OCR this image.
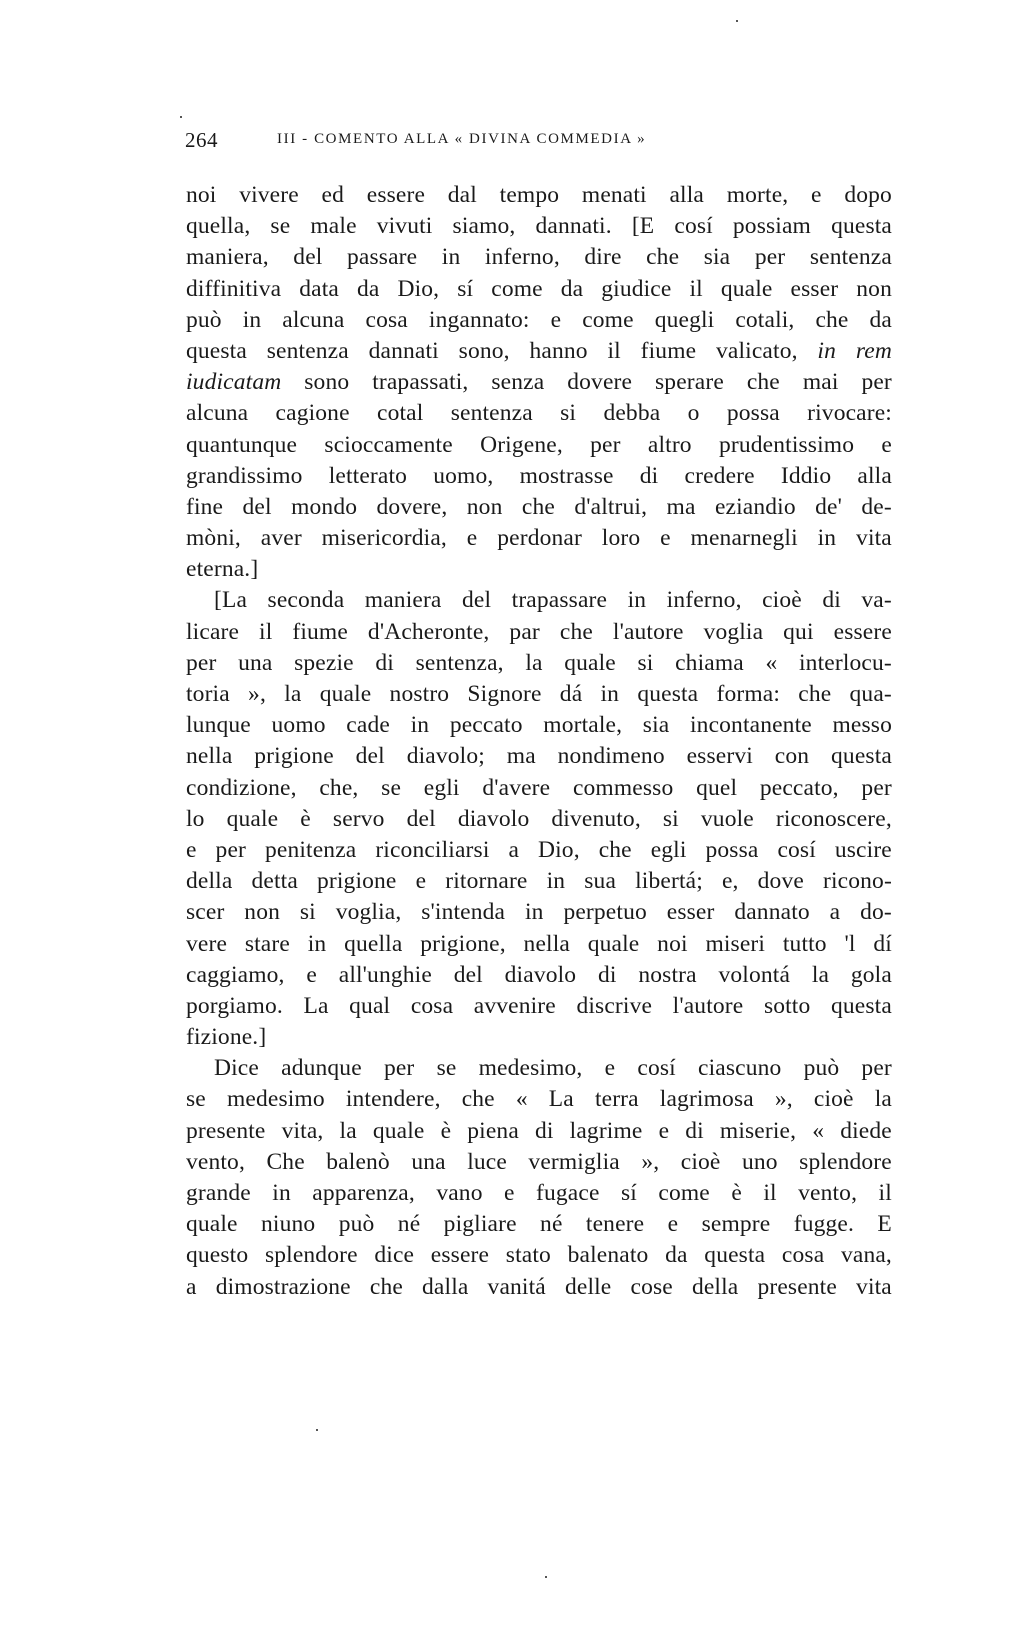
264	III - COMENTO ALLA « DIVINA COMMEDIA »
noi vivere ed essere dal tempo menati alla morte, e dopo
quella, se male vivuti siamo, dannati. [E cosí possiam questa
maniera, del passare in inferno, dire che sia per sentenza
diffinitiva data da Dio, sí come da giudice il quale esser non
può in alcuna cosa ingannato: e come quegli cotali, che da
questa sentenza dannati sono, hanno il fiume valicato, in rem
iudicatam sono trapassati, senza dovere sperare che mai per
alcuna cagione cotal sentenza si debba o possa rivocare:
quantunque scioccamente Origene, per altro prudentissimo e
grandissimo letterato uomo, mostrasse di credere Iddio alla
fine del mondo dovere, non che d'altrui, ma eziandio de' de-
mòni, aver misericordia, e perdonar loro e menarnegli in vita
eterna.]
[La seconda maniera del trapassare in inferno, cioè di va-
licare il fiume d'Acheronte, par che l'autore voglia qui essere
per una spezie di sentenza, la quale si chiama « interlocu-
toria », la quale nostro Signore dá in questa forma: che qua-
lunque uomo cade in peccato mortale, sia incontanente messo
nella prigione del diavolo; ma nondimeno esservi con questa
condizione, che, se egli d'avere commesso quel peccato, per
lo quale è servo del diavolo divenuto, si vuole riconoscere,
e per penitenza riconciliarsi a Dio, che egli possa cosí uscire
della detta prigione e ritornare in sua libertá; e, dove ricono-
scer non si voglia, s'intenda in perpetuo esser dannato a do-
vere stare in quella prigione, nella quale noi miseri tutto 'l dí
caggiamo, e all'unghie del diavolo di nostra volontá la gola
porgiamo. La qual cosa avvenire discrive l'autore sotto questa
fizione.]
Dice adunque per se medesimo, e cosí ciascuno può per
se medesimo intendere, che « La terra lagrimosa », cioè la
presente vita, la quale è piena di lagrime e di miserie, « diede
vento, Che balenò una luce vermiglia », cioè uno splendore
grande in apparenza, vano e fugace sí come è il vento, il
quale niuno può né pigliare né tenere e sempre fugge. E
questo splendore dice essere stato balenato da questa cosa vana,
a dimostrazione che dalla vanitá delle cose della presente vita
